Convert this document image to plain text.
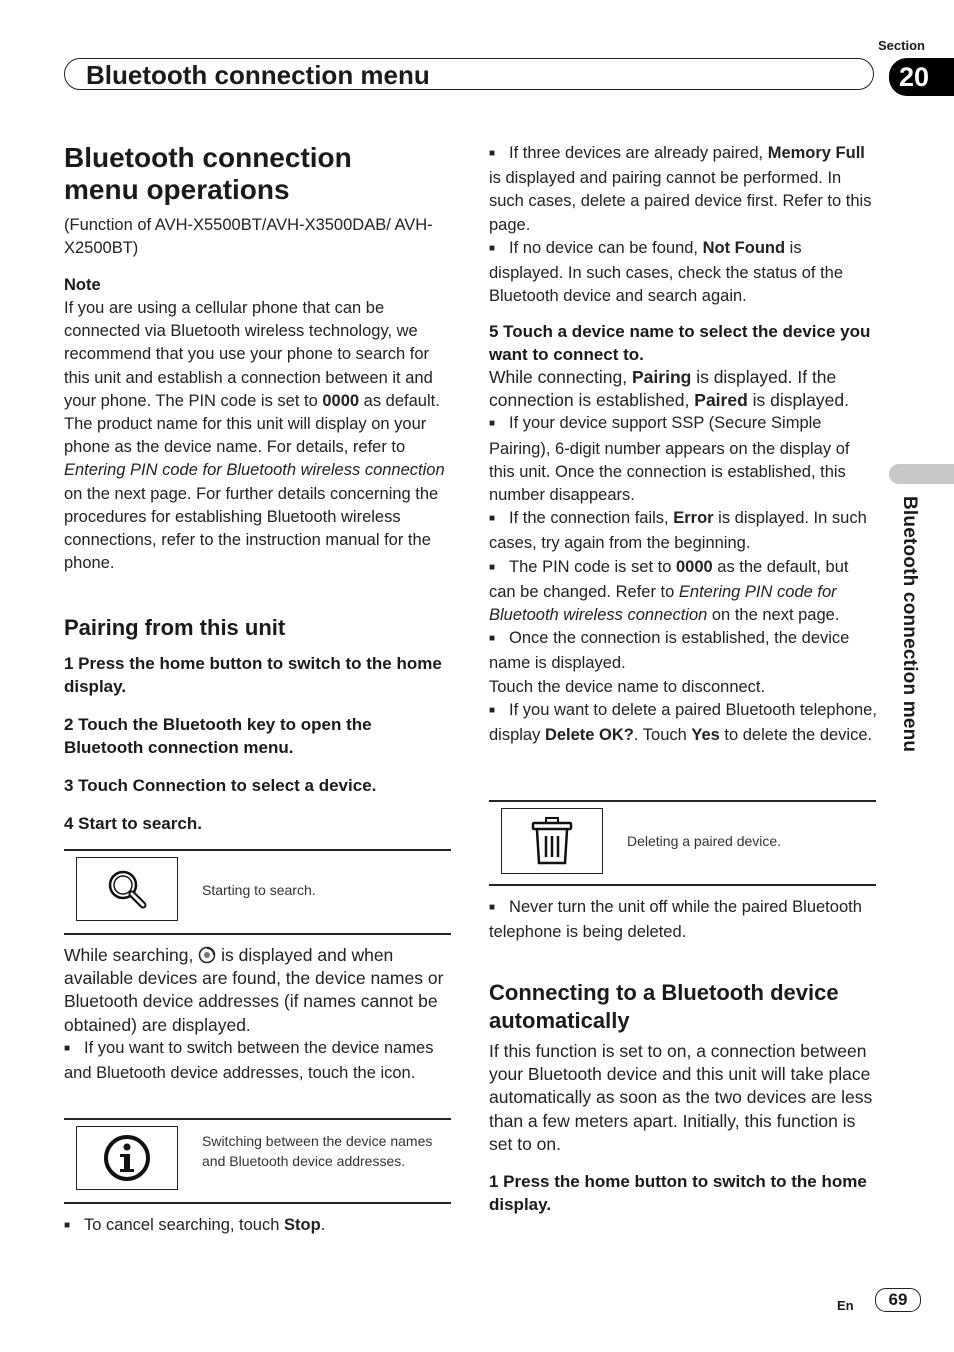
Section
Bluetooth connection menu	20
Bluetooth connection menu
Bluetooth connection menu operations

(Function of AVH-X5500BT/AVH-X3500DAB/ AVH-X2500BT)

Note

If you are using a cellular phone that can be connected via Bluetooth wireless technology, we recommend that you use your phone to search for this unit and establish a connection between it and your phone. The PIN code is set to 0000 as default. The product name for this unit will display on your phone as the device name. For details, refer to Entering PIN code for Bluetooth wireless connection on the next page. For further details concerning the procedures for establishing Bluetooth wireless connections, refer to the instruction manual for the phone.

Pairing from this unit

1 Press the home button to switch to the home display.

2 Touch the Bluetooth key to open the Bluetooth connection menu.

3 Touch Connection to select a device.

4 Start to search.

Starting to search.

While searching,  is displayed and when available devices are found, the device names or Bluetooth device addresses (if names cannot be obtained) are displayed.

■ If you want to switch between the device names and Bluetooth device addresses, touch the icon.

Switching between the device names and Bluetooth device addresses.

■ To cancel searching, touch Stop.

■ If three devices are already paired, Memory Full is displayed and pairing cannot be performed. In such cases, delete a paired device first. Refer to this page.

■ If no device can be found, Not Found is displayed. In such cases, check the status of the Bluetooth device and search again.

5 Touch a device name to select the device you want to connect to.

While connecting, Pairing is displayed. If the connection is established, Paired is displayed.

■ If your device support SSP (Secure Simple Pairing), 6-digit number appears on the display of this unit. Once the connection is established, this number disappears.

■ If the connection fails, Error is displayed. In such cases, try again from the beginning.

■ The PIN code is set to 0000 as the default, but can be changed. Refer to Entering PIN code for Bluetooth wireless connection on the next page.

■ Once the connection is established, the device name is displayed.

Touch the device name to disconnect.

■ If you want to delete a paired Bluetooth telephone, display Delete OK?. Touch Yes to delete the device.

Deleting a paired device.

■ Never turn the unit off while the paired Bluetooth telephone is being deleted.

Connecting to a Bluetooth device automatically

If this function is set to on, a connection between your Bluetooth device and this unit will take place automatically as soon as the two devices are less than a few meters apart. Initially, this function is set to on.

1 Press the home button to switch to the home display.

En	69
